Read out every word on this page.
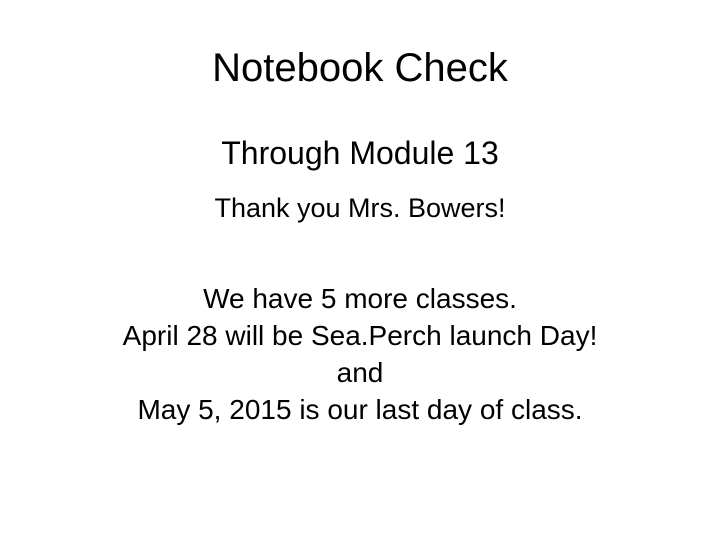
Notebook Check
Through Module 13
Thank you Mrs. Bowers!
We have 5 more classes.
April 28 will be Sea.Perch launch Day!
and
May 5, 2015 is our last day of class.
